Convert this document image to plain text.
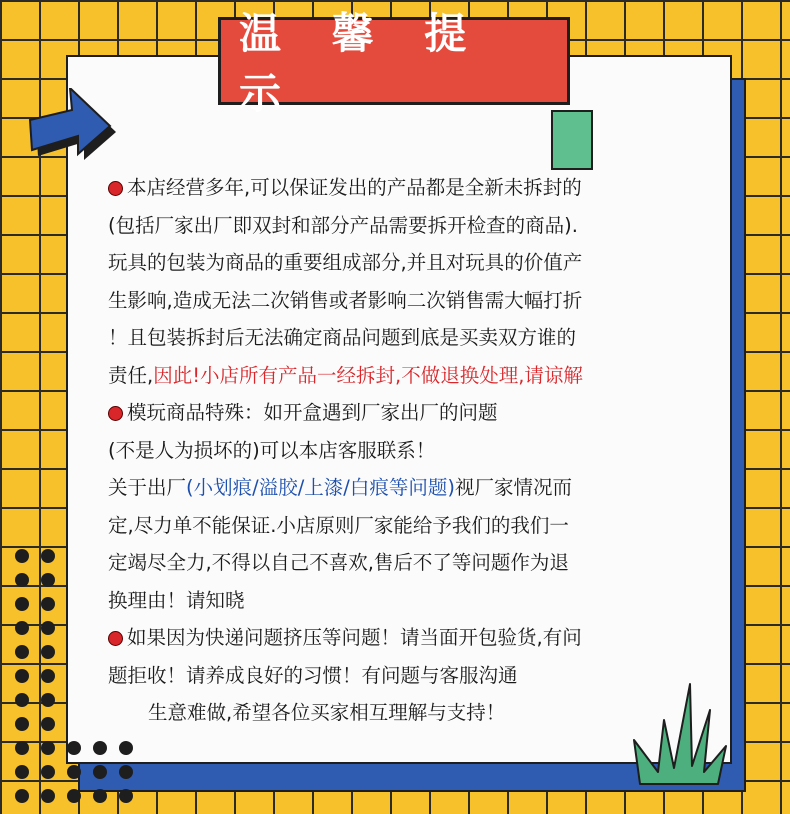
温 馨 提 示
本店经营多年,可以保证发出的产品都是全新未拆封的
(包括厂家出厂即双封和部分产品需要拆开检查的商品).
玩具的包装为商品的重要组成部分,并且对玩具的价值产
生影响,造成无法二次销售或者影响二次销售需大幅打折
！且包装拆封后无法确定商品问题到底是买卖双方谁的
责任,因此!小店所有产品一经拆封,不做退换处理,请谅解
模玩商品特殊：如开盒遇到厂家出厂的问题
(不是人为损坏的)可以本店客服联系！
关于出厂(小划痕/溢胶/上漆/白痕等问题)视厂家情况而
定,尽力单不能保证.小店原则厂家能给予我们的我们一
定竭尽全力,不得以自己不喜欢,售后不了等问题作为退
换理由！请知晓
如果因为快递问题挤压等问题！请当面开包验货,有问
题拒收！请养成良好的习惯！有问题与客服沟通
生意难做,希望各位买家相互理解与支持！
